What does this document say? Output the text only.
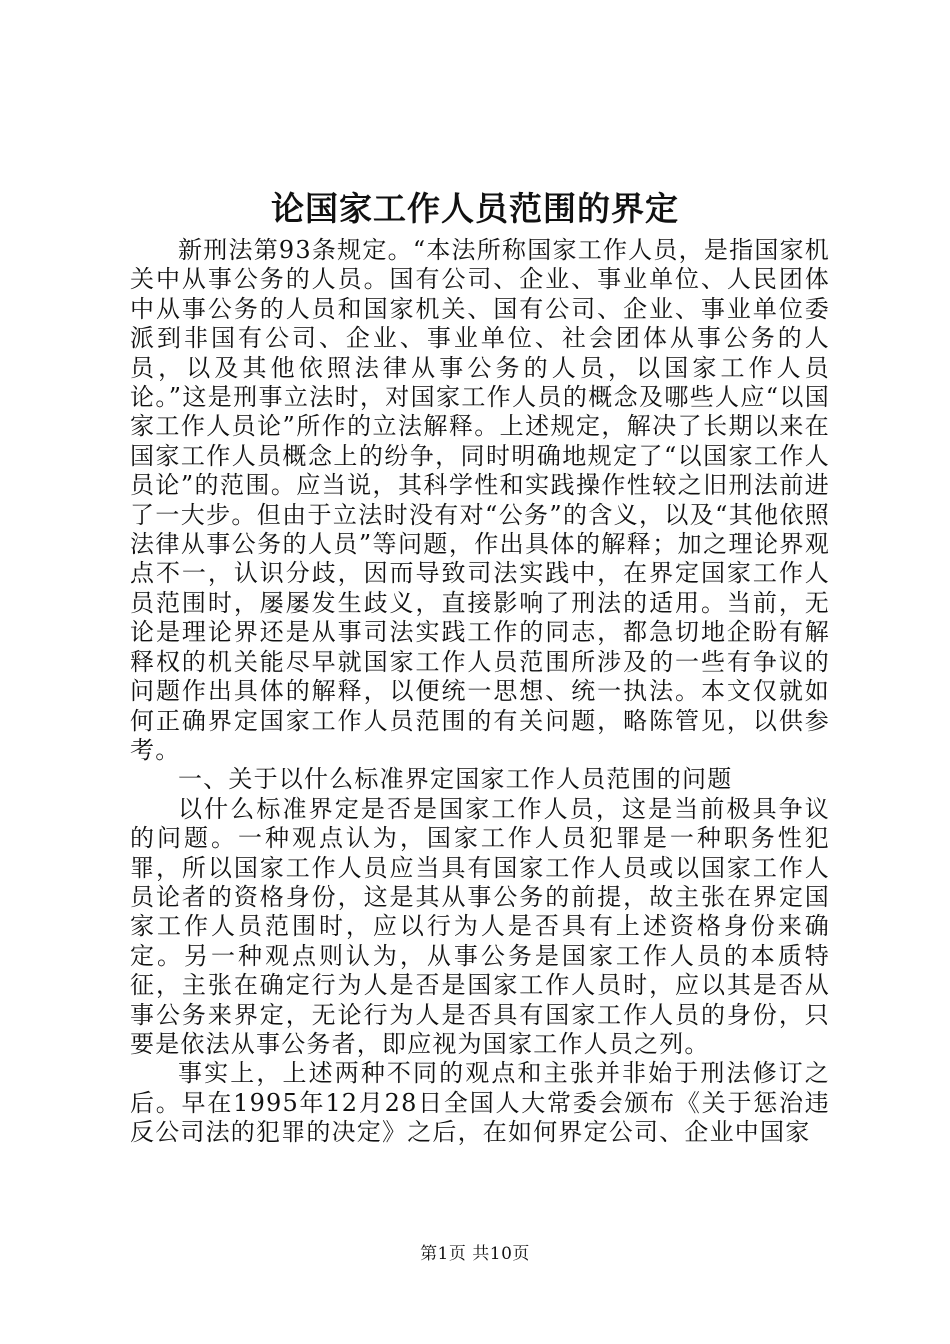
论国家工作人员范围的界定

新刑法第93条规定。“本法所称国家工作人员，是指国家机关中从事公务的人员。国有公司、企业、事业单位、人民团体中从事公务的人员和国家机关、国有公司、企业、事业单位委派到非国有公司、企业、事业单位、社会团体从事公务的人员，以及其他依照法律从事公务的人员，以国家工作人员论。”这是刑事立法时，对国家工作人员的概念及哪些人应“以国家工作人员论”所作的立法解释。上述规定，解决了长期以来在国家工作人员概念上的纷争，同时明确地规定了“以国家工作人员论”的范围。应当说，其科学性和实践操作性较之旧刑法前进了一大步。但由于立法时没有对“公务”的含义，以及“其他依照法律从事公务的人员”等问题，作出具体的解释；加之理论界观点不一，认识分歧，因而导致司法实践中，在界定国家工作人员范围时，屡屡发生歧义，直接影响了刑法的适用。当前，无论是理论界还是从事司法实践工作的同志，都急切地企盼有解释权的机关能尽早就国家工作人员范围所涉及的一些有争议的问题作出具体的解释，以便统一思想、统一执法。本文仅就如何正确界定国家工作人员范围的有关问题，略陈管见，以供参考。

一、关于以什么标准界定国家工作人员范围的问题

以什么标准界定是否是国家工作人员，这是当前极具争议的问题。一种观点认为，国家工作人员犯罪是一种职务性犯罪，所以国家工作人员应当具有国家工作人员或以国家工作人员论者的资格身份，这是其从事公务的前提，故主张在界定国家工作人员范围时，应以行为人是否具有上述资格身份来确定。另一种观点则认为，从事公务是国家工作人员的本质特征，主张在确定行为人是否是国家工作人员时，应以其是否从事公务来界定，无论行为人是否具有国家工作人员的身份，只要是依法从事公务者，即应视为国家工作人员之列。

事实上，上述两种不同的观点和主张并非始于刑法修订之后。早在1995年12月28日全国人大常委会颁布《关于惩治违反公司法的犯罪的决定》之后，在如何界定公司、企业中国家

第1页 共10页
